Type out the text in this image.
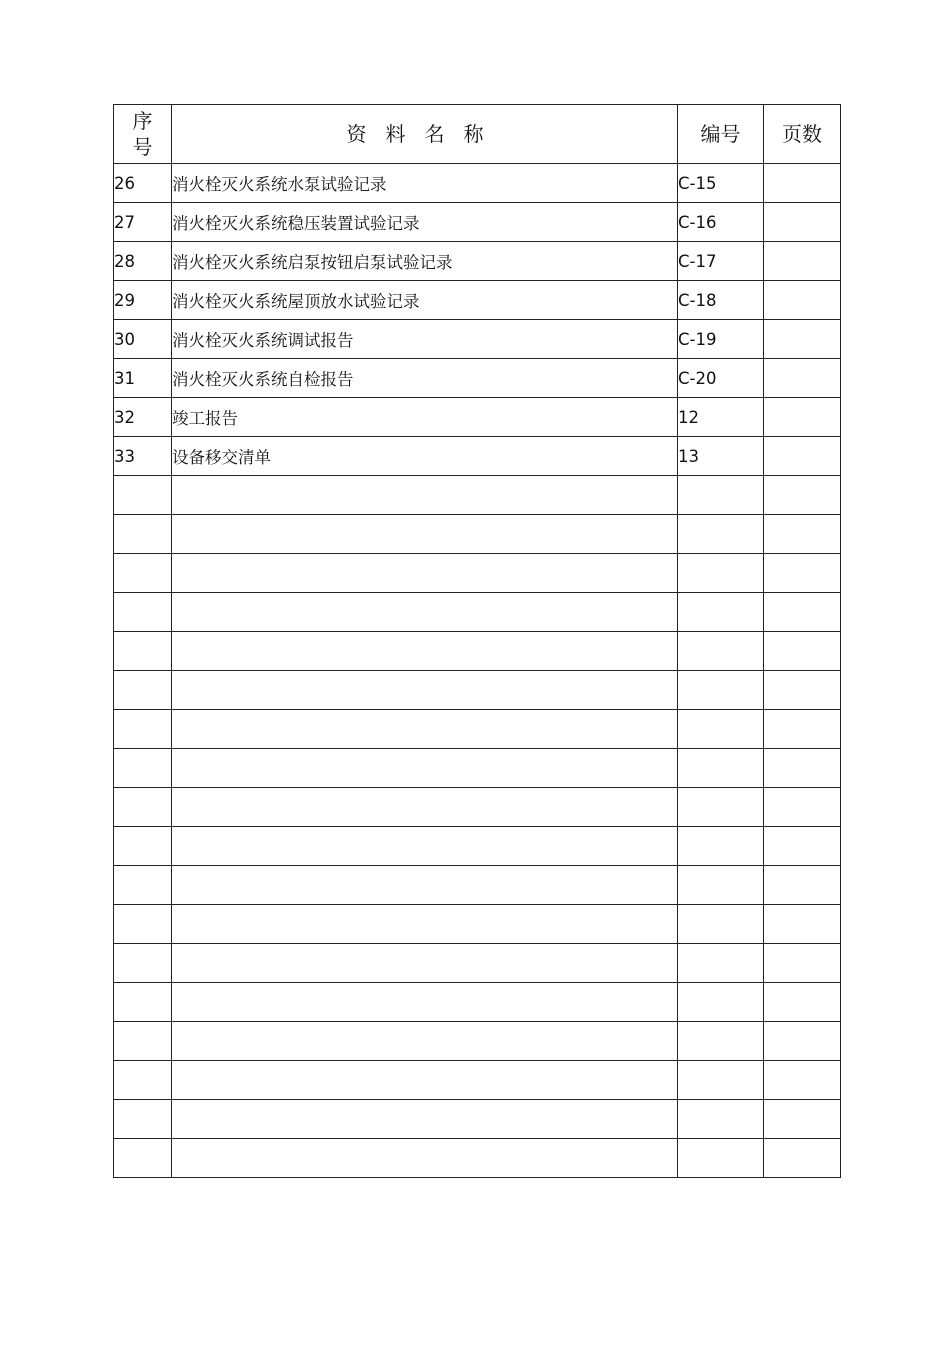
序
号	资料名称	编号	页数
26	消火栓灭火系统水泵试验记录	C-15	
27	消火栓灭火系统稳压装置试验记录	C-16	
28	消火栓灭火系统启泵按钮启泵试验记录	C-17	
29	消火栓灭火系统屋顶放水试验记录	C-18	
30	消火栓灭火系统调试报告	C-19	
31	消火栓灭火系统自检报告	C-20	
32	竣工报告	12	
33	设备移交清单	13	
